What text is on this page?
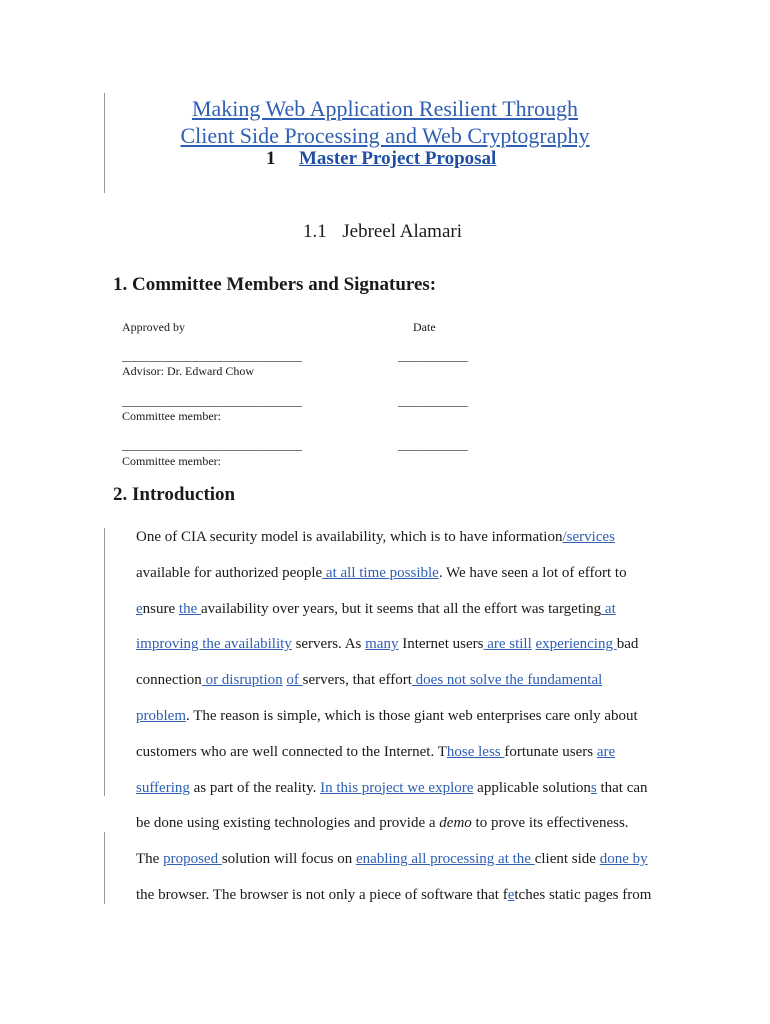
Making Web Application Resilient Through
Client Side Processing and Web Cryptography
1 Master Project Proposal
1.1 Jebreel Alamari
1. Committee Members and Signatures:
Approved by	Date
_______________________________	____________
Advisor: Dr. Edward Chow
_______________________________	____________
Committee member:
_______________________________	____________
Committee member:
2. Introduction
One of CIA security model is availability, which is to have information/services
available for authorized people at all time possible. We have seen a lot of effort to
ensure the availability over years, but it seems that all the effort was targeting at
improving the availability servers. As many Internet users are still experiencing bad
connection or disruption of servers, that effort does not solve the fundamental
problem. The reason is simple, which is those giant web enterprises care only about
customers who are well connected to the Internet. Those less fortunate users are
suffering as part of the reality. In this project we explore applicable solutions that can
be done using existing technologies and provide a demo to prove its effectiveness.
The proposed solution will focus on enabling all processing at the client side done by
the browser. The browser is not only a piece of software that fetches static pages from
